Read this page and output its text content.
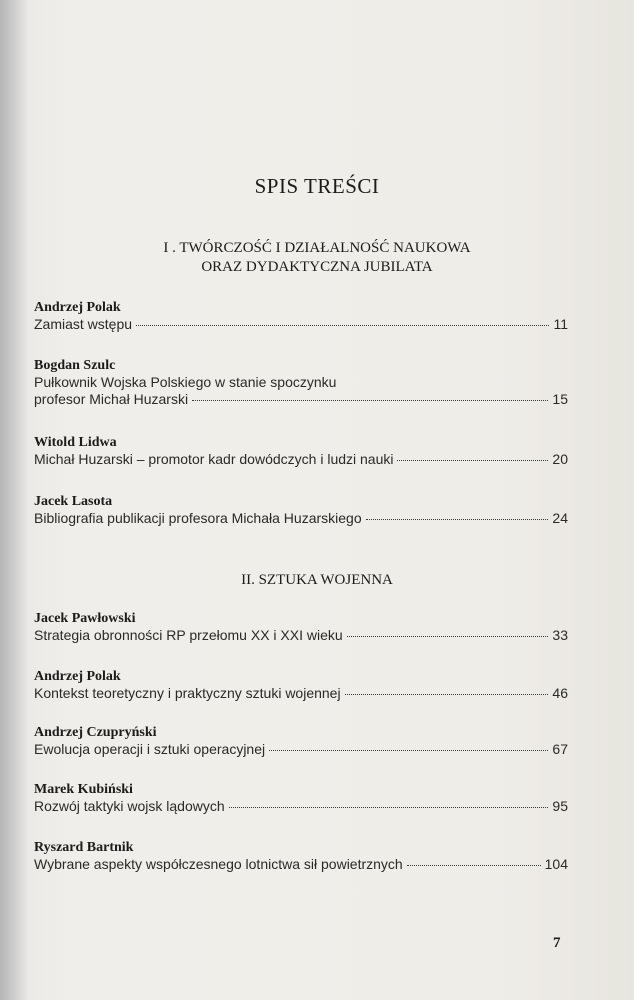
SPIS TREŚCI
I . TWÓRCZOŚĆ I DZIAŁALNOŚĆ NAUKOWA
ORAZ DYDAKTYCZNA JUBILATA
Andrzej Polak
Zamiast wstępu	11
Bogdan Szulc
Pułkownik Wojska Polskiego w stanie spoczynku
profesor Michał Huzarski	15
Witold Lidwa
Michał Huzarski – promotor kadr dowódczych i ludzi nauki	20
Jacek Lasota
Bibliografia publikacji profesora Michała Huzarskiego	24
II. SZTUKA WOJENNA
Jacek Pawłowski
Strategia obronności RP przełomu XX i XXI wieku	33
Andrzej Polak
Kontekst teoretyczny i praktyczny sztuki wojennej	46
Andrzej Czupryński
Ewolucja operacji i sztuki operacyjnej	67
Marek Kubiński
Rozwój taktyki wojsk lądowych	95
Ryszard Bartnik
Wybrane aspekty współczesnego lotnictwa sił powietrznych	104
7
